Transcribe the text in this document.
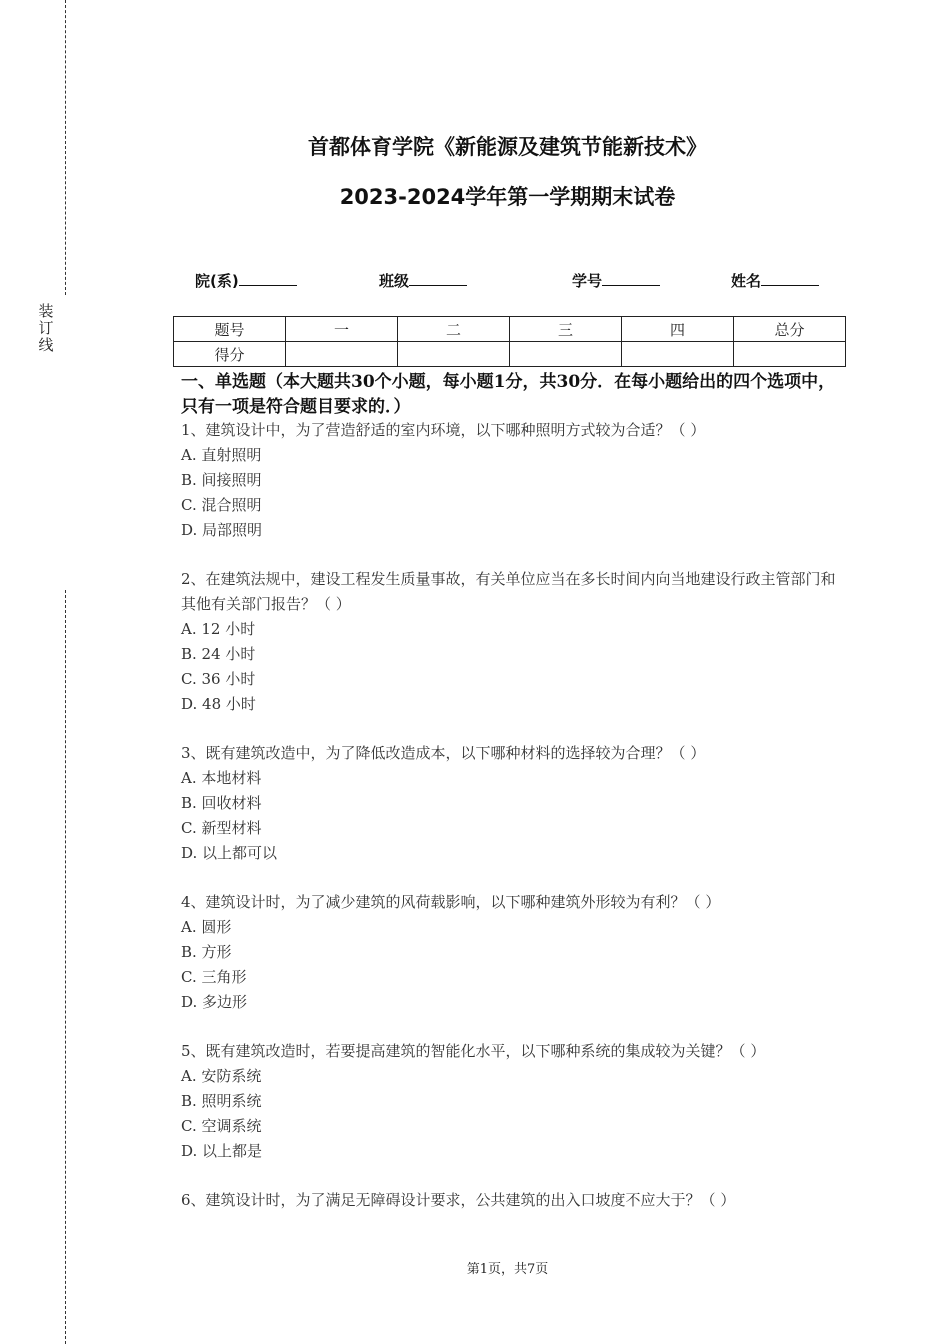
装
订
线
首都体育学院《新能源及建筑节能新技术》
2023-2024学年第一学期期末试卷
院(系)	班级	学号	姓名
题号	一	二	三	四	总分
得分					
一、单选题（本大题共30个小题，每小题1分，共30分．在每小题给出的四个选项中，只有一项是符合题目要求的．）

1、建筑设计中，为了营造舒适的室内环境，以下哪种照明方式较为合适？（ ）

A. 直射照明

B. 间接照明

C. 混合照明

D. 局部照明

2、在建筑法规中，建设工程发生质量事故，有关单位应当在多长时间内向当地建设行政主管部门和其他有关部门报告？（ ）

A. 12 小时

B. 24 小时

C. 36 小时

D. 48 小时

3、既有建筑改造中，为了降低改造成本，以下哪种材料的选择较为合理？（ ）

A. 本地材料

B. 回收材料

C. 新型材料

D. 以上都可以

4、建筑设计时，为了减少建筑的风荷载影响，以下哪种建筑外形较为有利？（ ）

A. 圆形

B. 方形

C. 三角形

D. 多边形

5、既有建筑改造时，若要提高建筑的智能化水平，以下哪种系统的集成较为关键？（ ）

A. 安防系统

B. 照明系统

C. 空调系统

D. 以上都是

6、建筑设计时，为了满足无障碍设计要求，公共建筑的出入口坡度不应大于？（ ）

第1页，共7页
